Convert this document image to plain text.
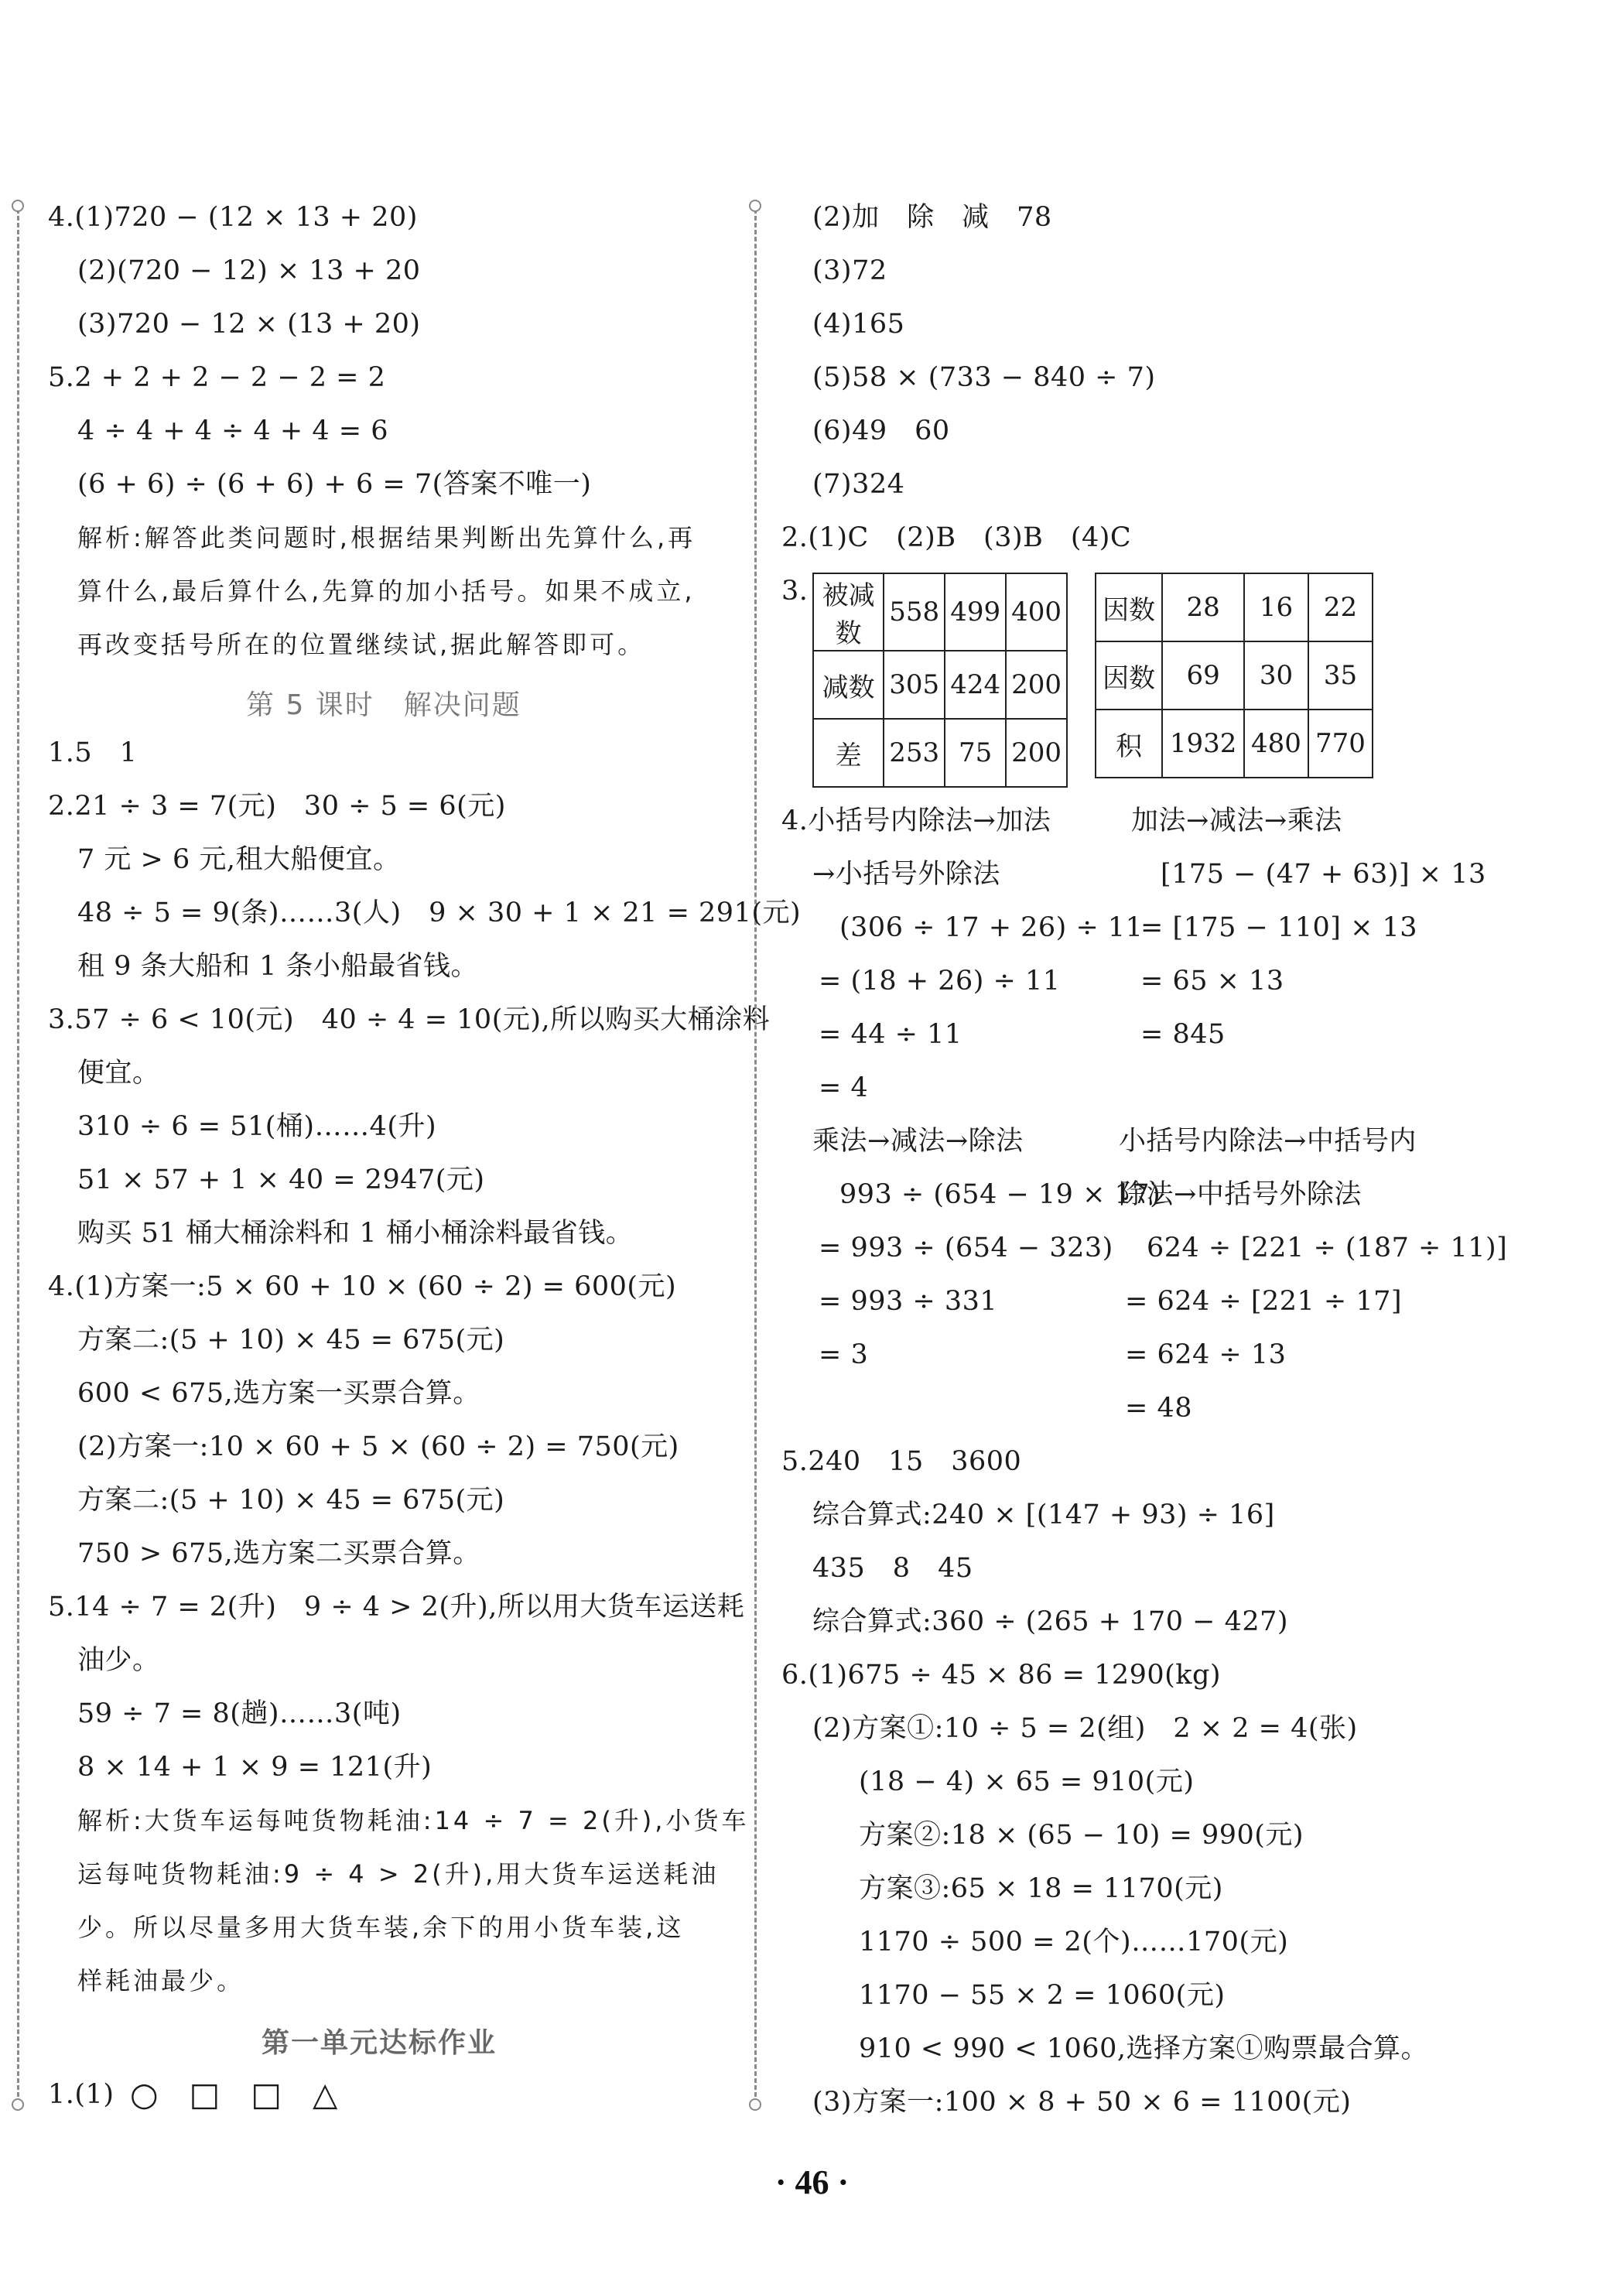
4.(1)720 − (12 × 13 + 20)
(2)(720 − 12) × 13 + 20
(3)720 − 12 × (13 + 20)
5.2 + 2 + 2 − 2 − 2 = 2
4 ÷ 4 + 4 ÷ 4 + 4 = 6
(6 + 6) ÷ (6 + 6) + 6 = 7(答案不唯一)
解析:解答此类问题时,根据结果判断出先算什么,再
算什么,最后算什么,先算的加小括号。如果不成立,
再改变括号所在的位置继续试,据此解答即可。
第 5 课时　解决问题
1.5　1
2.21 ÷ 3 = 7(元)　30 ÷ 5 = 6(元)
7 元 > 6 元,租大船便宜。
48 ÷ 5 = 9(条)……3(人)　9 × 30 + 1 × 21 = 291(元)
租 9 条大船和 1 条小船最省钱。
3.57 ÷ 6 < 10(元)　40 ÷ 4 = 10(元),所以购买大桶涂料
便宜。
310 ÷ 6 = 51(桶)……4(升)
51 × 57 + 1 × 40 = 2947(元)
购买 51 桶大桶涂料和 1 桶小桶涂料最省钱。
4.(1)方案一:5 × 60 + 10 × (60 ÷ 2) = 600(元)
方案二:(5 + 10) × 45 = 675(元)
600 < 675,选方案一买票合算。
(2)方案一:10 × 60 + 5 × (60 ÷ 2) = 750(元)
方案二:(5 + 10) × 45 = 675(元)
750 > 675,选方案二买票合算。
5.14 ÷ 7 = 2(升)　9 ÷ 4 > 2(升),所以用大货车运送耗
油少。
59 ÷ 7 = 8(趟)……3(吨)
8 × 14 + 1 × 9 = 121(升)
解析:大货车运每吨货物耗油:14 ÷ 7 = 2(升),小货车
运每吨货物耗油:9 ÷ 4 > 2(升),用大货车运送耗油
少。所以尽量多用大货车装,余下的用小货车装,这
样耗油最少。
第一单元达标作业
1.(1) ○ □ □ △
(2)加　除　减　78
(3)72
(4)165
(5)58 × (733 − 840 ÷ 7)
(6)49　60
(7)324
2.(1)C　(2)B　(3)B　(4)C
3. 被减数	558	499	400
减数	305	424	200
差	253	75	200
因数	28	16	22
因数	69	30	35
积	1932	480	770
4.小括号内除法→加法
→小括号外除法
(306 ÷ 17 + 26) ÷ 11
= (18 + 26) ÷ 11
= 44 ÷ 11
= 4
乘法→减法→除法
993 ÷ (654 − 19 × 17)
= 993 ÷ (654 − 323)
= 993 ÷ 331
= 3
加法→减法→乘法
[175 − (47 + 63)] × 13
= [175 − 110] × 13
= 65 × 13
= 845
小括号内除法→中括号内
除法→中括号外除法
624 ÷ [221 ÷ (187 ÷ 11)]
= 624 ÷ [221 ÷ 17]
= 624 ÷ 13
= 48
5.240　15　3600
综合算式:240 × [(147 + 93) ÷ 16]
435　8　45
综合算式:360 ÷ (265 + 170 − 427)
6.(1)675 ÷ 45 × 86 = 1290(kg)
(2)方案①:10 ÷ 5 = 2(组)　2 × 2 = 4(张)
(18 − 4) × 65 = 910(元)
方案②:18 × (65 − 10) = 990(元)
方案③:65 × 18 = 1170(元)
1170 ÷ 500 = 2(个)……170(元)
1170 − 55 × 2 = 1060(元)
910 < 990 < 1060,选择方案①购票最合算。
(3)方案一:100 × 8 + 50 × 6 = 1100(元)
· 46 ·
